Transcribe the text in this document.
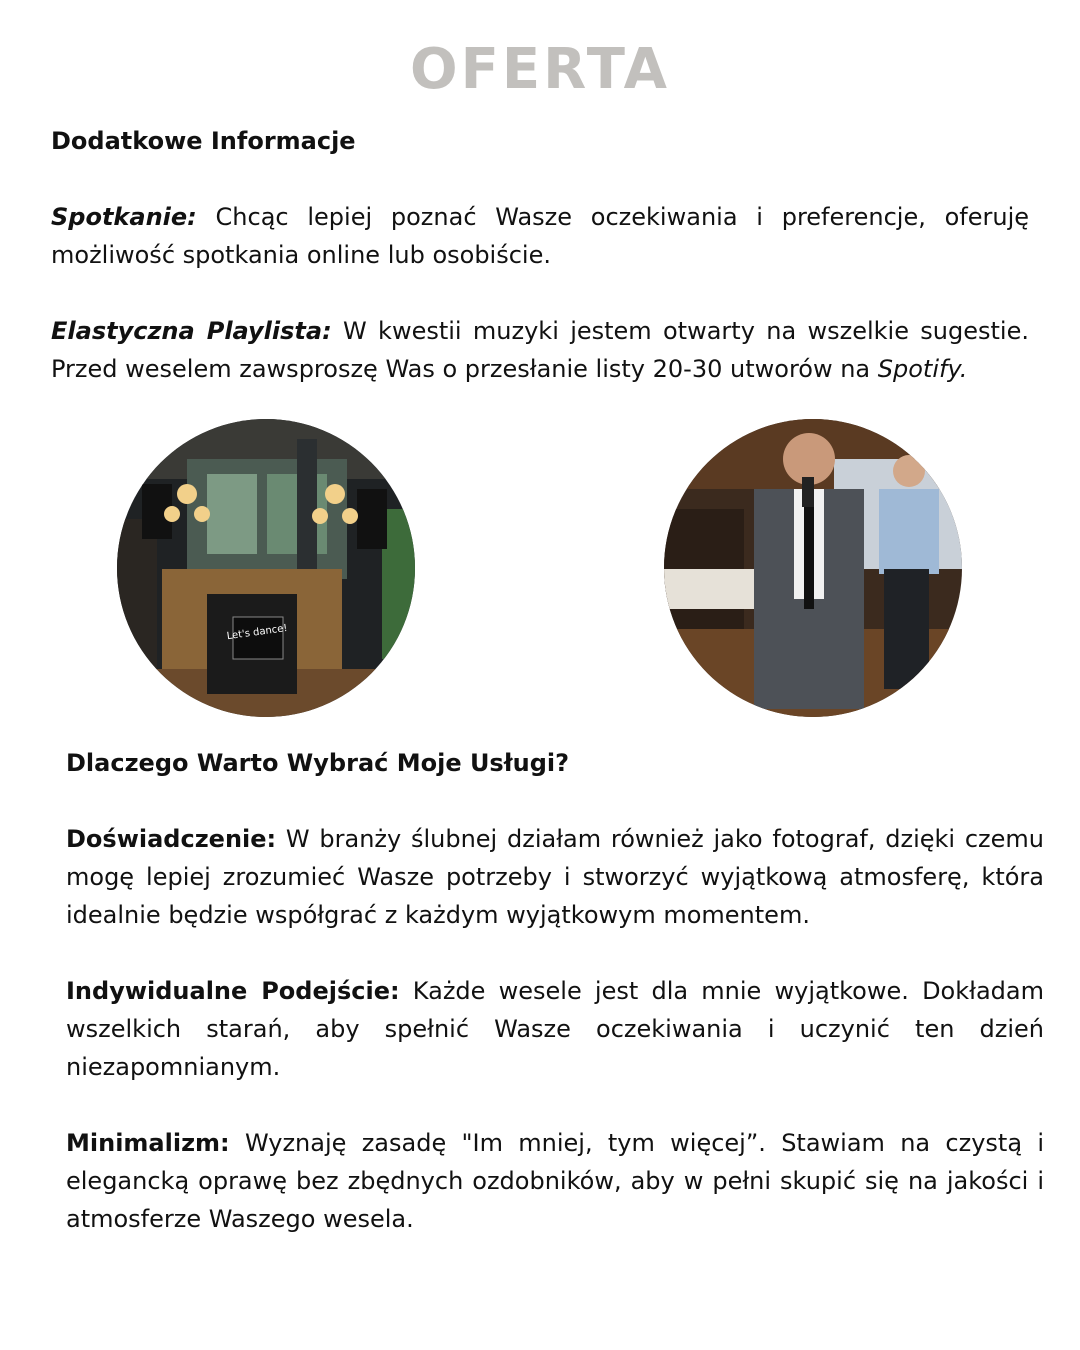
OFERTA

Dodatkowe Informacje

Spotkanie: Chcąc lepiej poznać Wasze oczekiwania i preferencje, oferuję możliwość spotkania online lub osobiście.

Elastyczna Playlista: W kwestii muzyki jestem otwarty na wszelkie sugestie. Przed weselem zawsproszę Was o przesłanie listy 20-30 utworów na Spotify.

Let's dance!

Dlaczego Warto Wybrać Moje Usługi?

Doświadczenie: W branży ślubnej działam również jako fotograf, dzięki czemu mogę lepiej zrozumieć Wasze potrzeby i stworzyć wyjątkową atmosferę, która idealnie będzie współgrać z każdym wyjątkowym momentem.

Indywidualne Podejście: Każde wesele jest dla mnie wyjątkowe. Dokładam wszelkich starań, aby spełnić Wasze oczekiwania i uczynić ten dzień niezapomnianym.

Minimalizm: Wyznaję zasadę "Im mniej, tym więcej”. Stawiam na czystą i elegancką oprawę bez zbędnych ozdobników, aby w pełni skupić się na jakości i atmosferze Waszego wesela.
